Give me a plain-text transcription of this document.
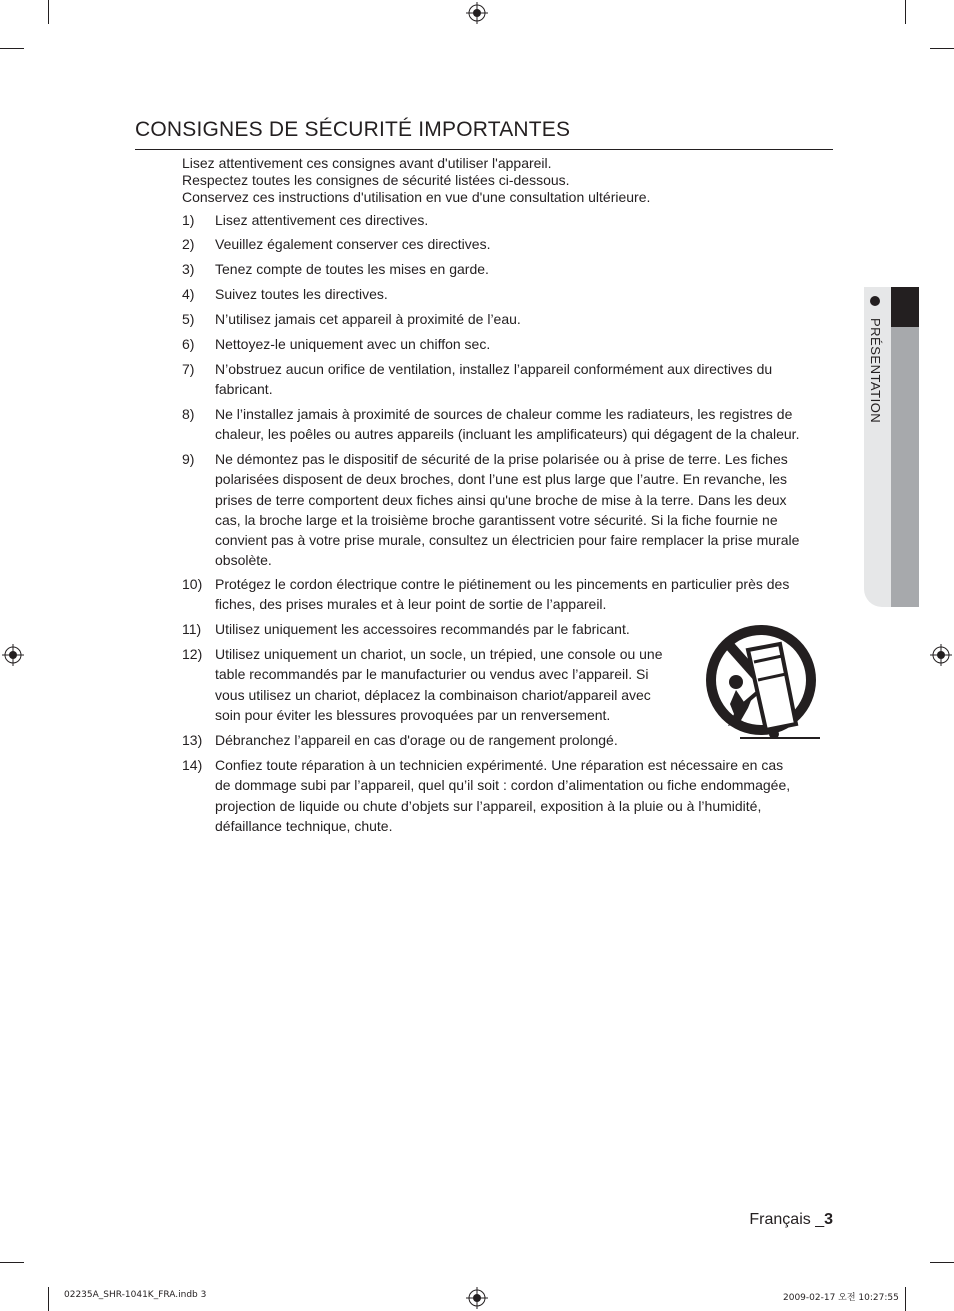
CONSIGNES DE SÉCURITÉ IMPORTANTES
Lisez attentivement ces consignes avant d'utiliser l'appareil.
Respectez toutes les consignes de sécurité listées ci-dessous.
Conservez ces instructions d'utilisation en vue d'une consultation ultérieure.
1) Lisez attentivement ces directives.
2) Veuillez également conserver ces directives.
3) Tenez compte de toutes les mises en garde.
4) Suivez toutes les directives.
5) N’utilisez jamais cet appareil à proximité de l’eau.
6) Nettoyez-le uniquement avec un chiffon sec.
7) N’obstruez aucun orifice de ventilation, installez l’appareil conformément aux directives du
fabricant.
8) Ne l’installez jamais à proximité de sources de chaleur comme les radiateurs, les registres de
chaleur, les poêles ou autres appareils (incluant les amplificateurs) qui dégagent de la chaleur.
9) Ne démontez pas le dispositif de sécurité de la prise polarisée ou à prise de terre. Les fiches
polarisées disposent de deux broches, dont l’une est plus large que l’autre. En revanche, les
prises de terre comportent deux fiches ainsi qu'une broche de mise à la terre. Dans les deux
cas, la broche large et la troisième broche garantissent votre sécurité. Si la fiche fournie ne
convient pas à votre prise murale, consultez un électricien pour faire remplacer la prise murale
obsolète.
10) Protégez le cordon électrique contre le piétinement ou les pincements en particulier près des
fiches, des prises murales et à leur point de sortie de l’appareil.
11) Utilisez uniquement les accessoires recommandés par le fabricant.
12) Utilisez uniquement un chariot, un socle, un trépied, une console ou une
table recommandés par le manufacturier ou vendus avec l’appareil. Si
vous utilisez un chariot, déplacez la combinaison chariot/appareil avec
soin pour éviter les blessures provoquées par un renversement.
13) Débranchez l’appareil en cas d'orage ou de rangement prolongé.
14) Confiez toute réparation à un technicien expérimenté. Une réparation est nécessaire en cas
de dommage subi par l’appareil, quel qu’il soit : cordon d’alimentation ou fiche endommagée,
projection de liquide ou chute d’objets sur l’appareil, exposition à la pluie ou à l’humidité,
défaillance technique, chute.
PRÉSENTATION
Français _3
02235A_SHR-1041K_FRA.indb 3	2009-02-17 오전 10:27:55
